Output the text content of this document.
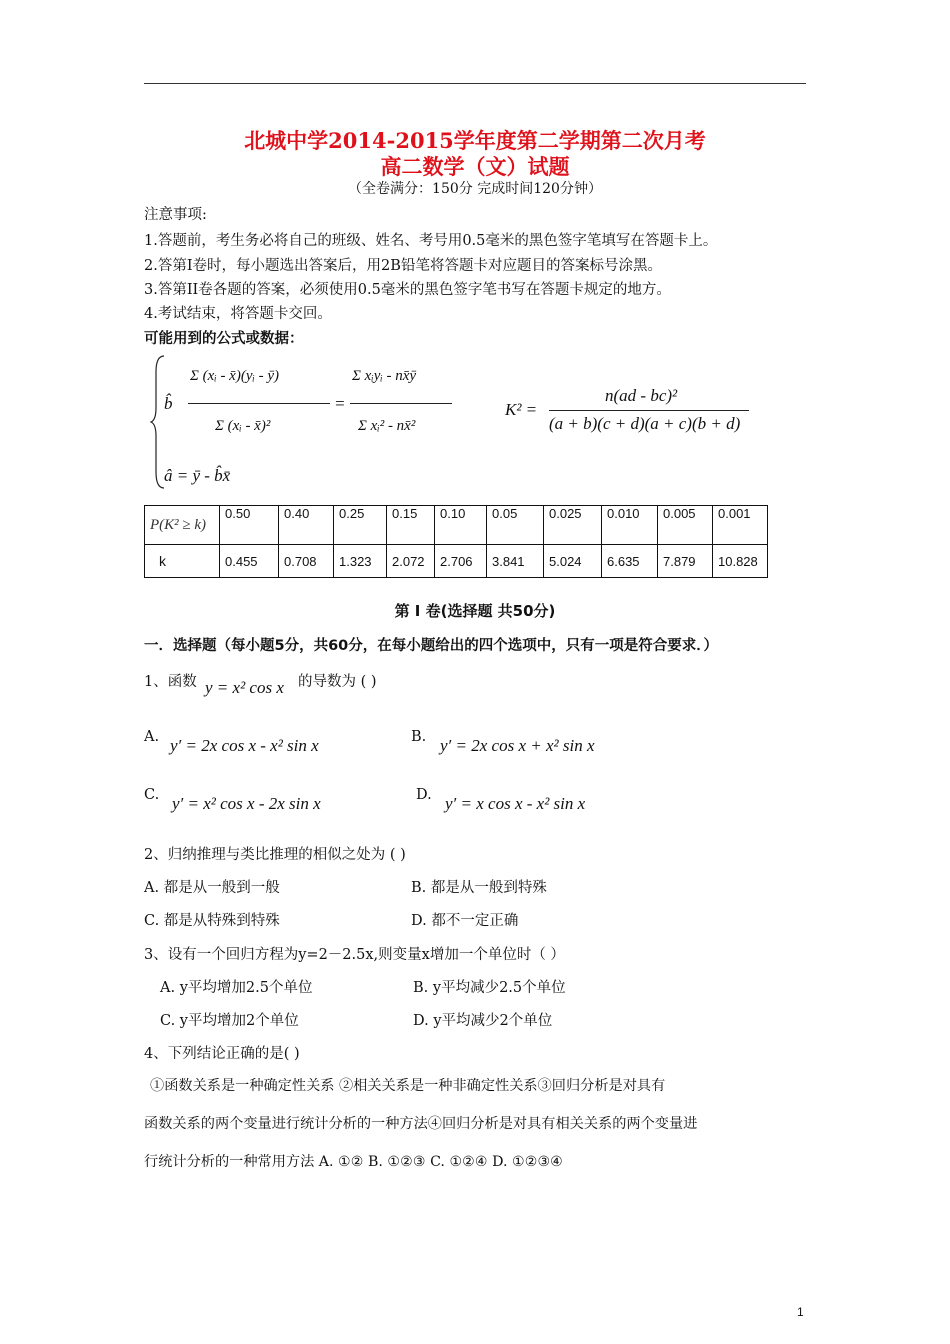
北城中学2014-2015学年度第二学期第二次月考
高二数学（文）试题
（全卷满分：150分 完成时间120分钟）
注意事项:
1.答题前，考生务必将自己的班级、姓名、考号用0.5毫米的黑色签字笔填写在答题卡上。
2.答第I卷时，每小题选出答案后，用2B铅笔将答题卡对应题目的答案标号涂黑。
3.答第II卷各题的答案，必须使用0.5毫米的黑色签字笔书写在答题卡规定的地方。
4.考试结束，将答题卡交回。
可能用到的公式或数据：
b̂
Σ (xᵢ - x̄)(yᵢ - ȳ)
Σ (xᵢ - x̄)²
=
Σ xᵢyᵢ - nx̄ȳ
Σ xᵢ² - nx̄²
â = ȳ - b̂x̄
K² =
n(ad - bc)²
(a + b)(c + d)(a + c)(b + d)
P(K² ≥ k)	0.50	0.40	0.25	0.15	0.10	0.05	0.025	0.010	0.005	0.001
k	0.455	0.708	1.323	2.072	2.706	3.841	5.024	6.635	7.879	10.828
第 I 卷(选择题 共50分)
一．选择题（每小题5分，共60分，在每小题给出的四个选项中，只有一项是符合要求．）
1、函数 y = x² cos x 的导数为 ( )
A. y′ = 2x cos x - x² sin x	B. y′ = 2x cos x + x² sin x
C. y′ = x² cos x - 2x sin x	D. y′ = x cos x - x² sin x
2、归纳推理与类比推理的相似之处为 ( )
A. 都是从一般到一般	B. 都是从一般到特殊
C. 都是从特殊到特殊	D. 都不一定正确
3、设有一个回归方程为y=2－2.5x,则变量x增加一个单位时（ ）
A. y平均增加2.5个单位	B. y平均减少2.5个单位
C. y平均增加2个单位	D. y平均减少2个单位
4、下列结论正确的是( )
①函数关系是一种确定性关系 ②相关关系是一种非确定性关系③回归分析是对具有
函数关系的两个变量进行统计分析的一种方法④回归分析是对具有相关关系的两个变量进
行统计分析的一种常用方法 A. ①② B. ①②③ C. ①②④ D. ①②③④
1
